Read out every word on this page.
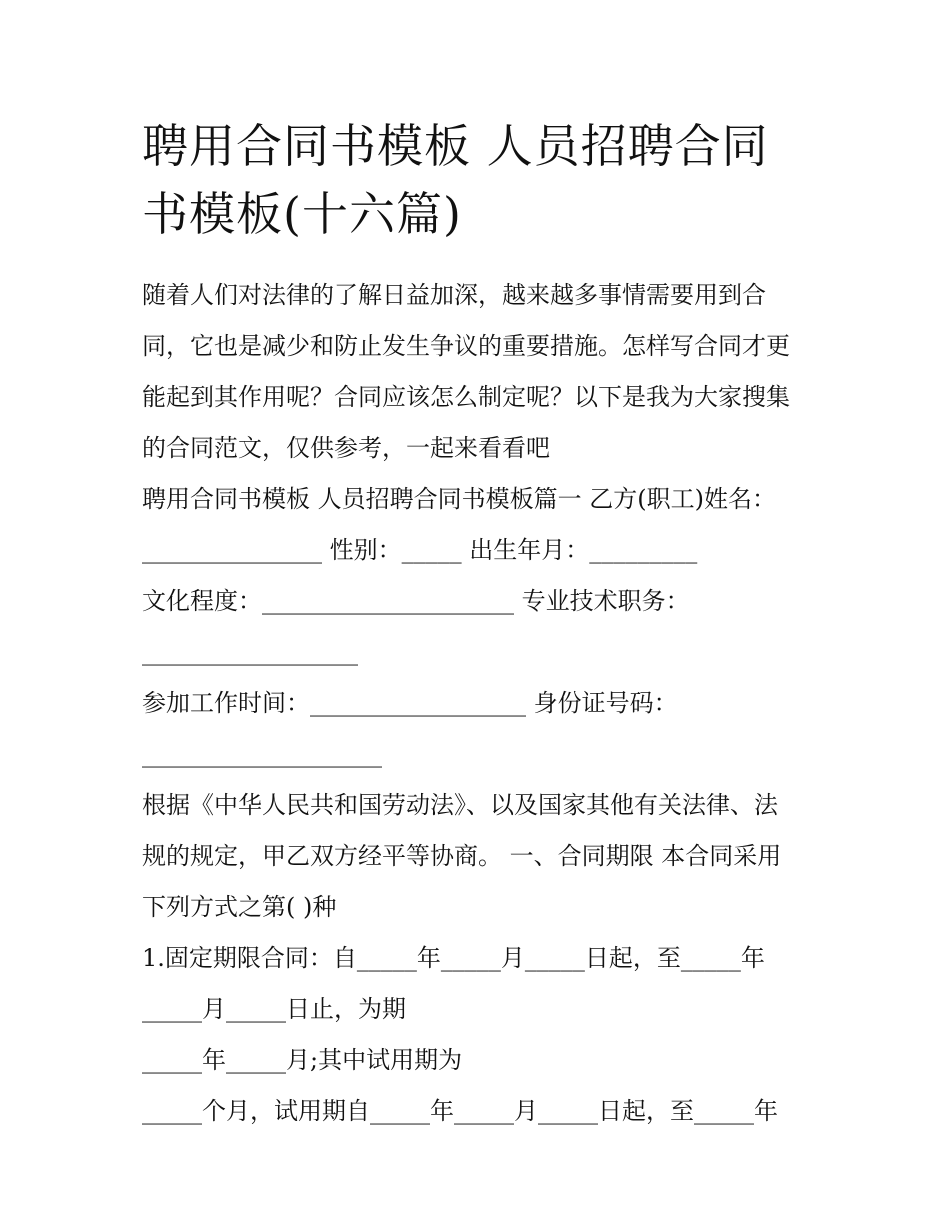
聘用合同书模板 人员招聘合同
书模板(十六篇)
随着人们对法律的了解日益加深，越来越多事情需要用到合
同，它也是减少和防止发生争议的重要措施。怎样写合同才更
能起到其作用呢？合同应该怎么制定呢？以下是我为大家搜集
的合同范文，仅供参考，一起来看看吧
聘用合同书模板 人员招聘合同书模板篇一 乙方(职工)姓名：
_______________ 性别：_____ 出生年月：_________
文化程度：_____________________ 专业技术职务：
__________________
参加工作时间：__________________ 身份证号码：
____________________
根据《中华人民共和国劳动法》、以及国家其他有关法律、法
规的规定，甲乙双方经平等协商。 一、合同期限 本合同采用
下列方式之第( )种
1.固定期限合同：自_____年_____月_____日起，至_____年
_____月_____日止，为期
_____年_____月;其中试用期为
_____个月，试用期自_____年_____月_____日起，至_____年
